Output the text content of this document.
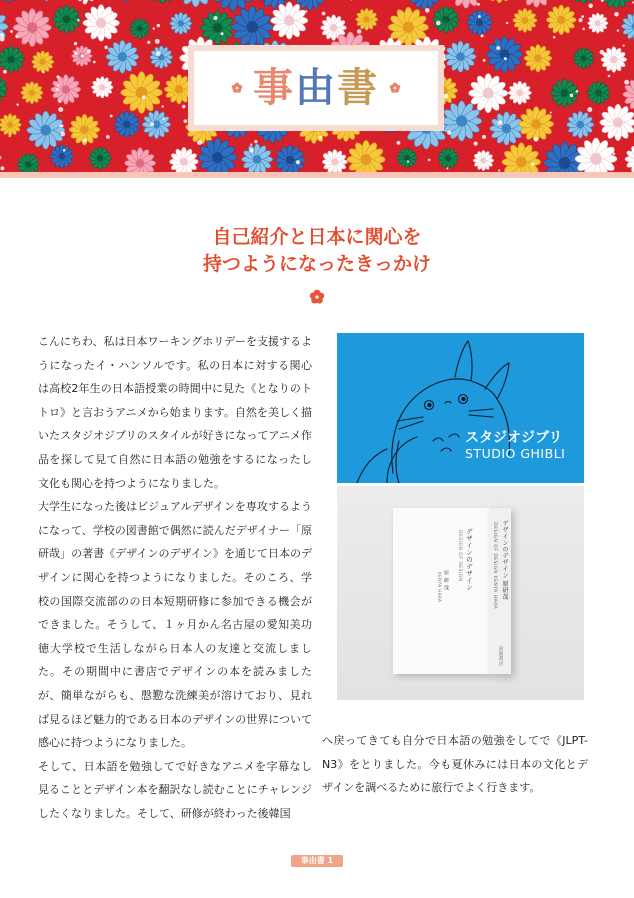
事由書
自己紹介と日本に関心を
持つようになったきっかけ

こんにちわ、私は日本ワーキングホリデーを支援するようになったイ・ハンソルです。私の日本に対する関心は高校2年生の日本語授業の時間中に見た《となりのトトロ》と言おうアニメから始まります。自然を美しく描いたスタジオジブリのスタイルが好きになってアニメ作品を探して見て自然に日本語の勉強をするになったし文化も関心を持つようになりました。

大学生になった後はビジュアルデザインを専攻するようになって、学校の図書館で偶然に読んだデザイナー「原研哉」の著書《デザインのデザイン》を通じて日本のデザインに関心を持つようになりました。そのころ、学校の国際交流部のの日本短期研修に参加できる機会ができました。そうして、１ヶ月かん名古屋の愛知美功徳大学校で生活しながら日本人の友達と交流しました。その期間中に書店でデザインの本を読みましたが、簡単ながらも、慇懃な洗練美が溶けており、見れば見るほど魅力的である日本のデザインの世界について感心に持つようになりました。

そして、日本語を勉強してで好きなアニメを字幕なし見ることとデザイン本を翻訳なし読むことにチャレンジしたくなりました。そして、研修が終わった後韓国

へ戻ってきても自分で日本語の勉強をしてで《JLPT-N3》をとりました。今も夏休みには日本の文化とデザインを調べるために旅行でよく行きます。

スタジオジブリ
STUDIO GHIBLI
デザインのデザイン
DESIGN OF DESIGN
原 研 哉
KENYA HARA	デザインのデザイン 原研哉
DESIGN OF DESIGN KENYA HARA
岩波書店
事由書 1
